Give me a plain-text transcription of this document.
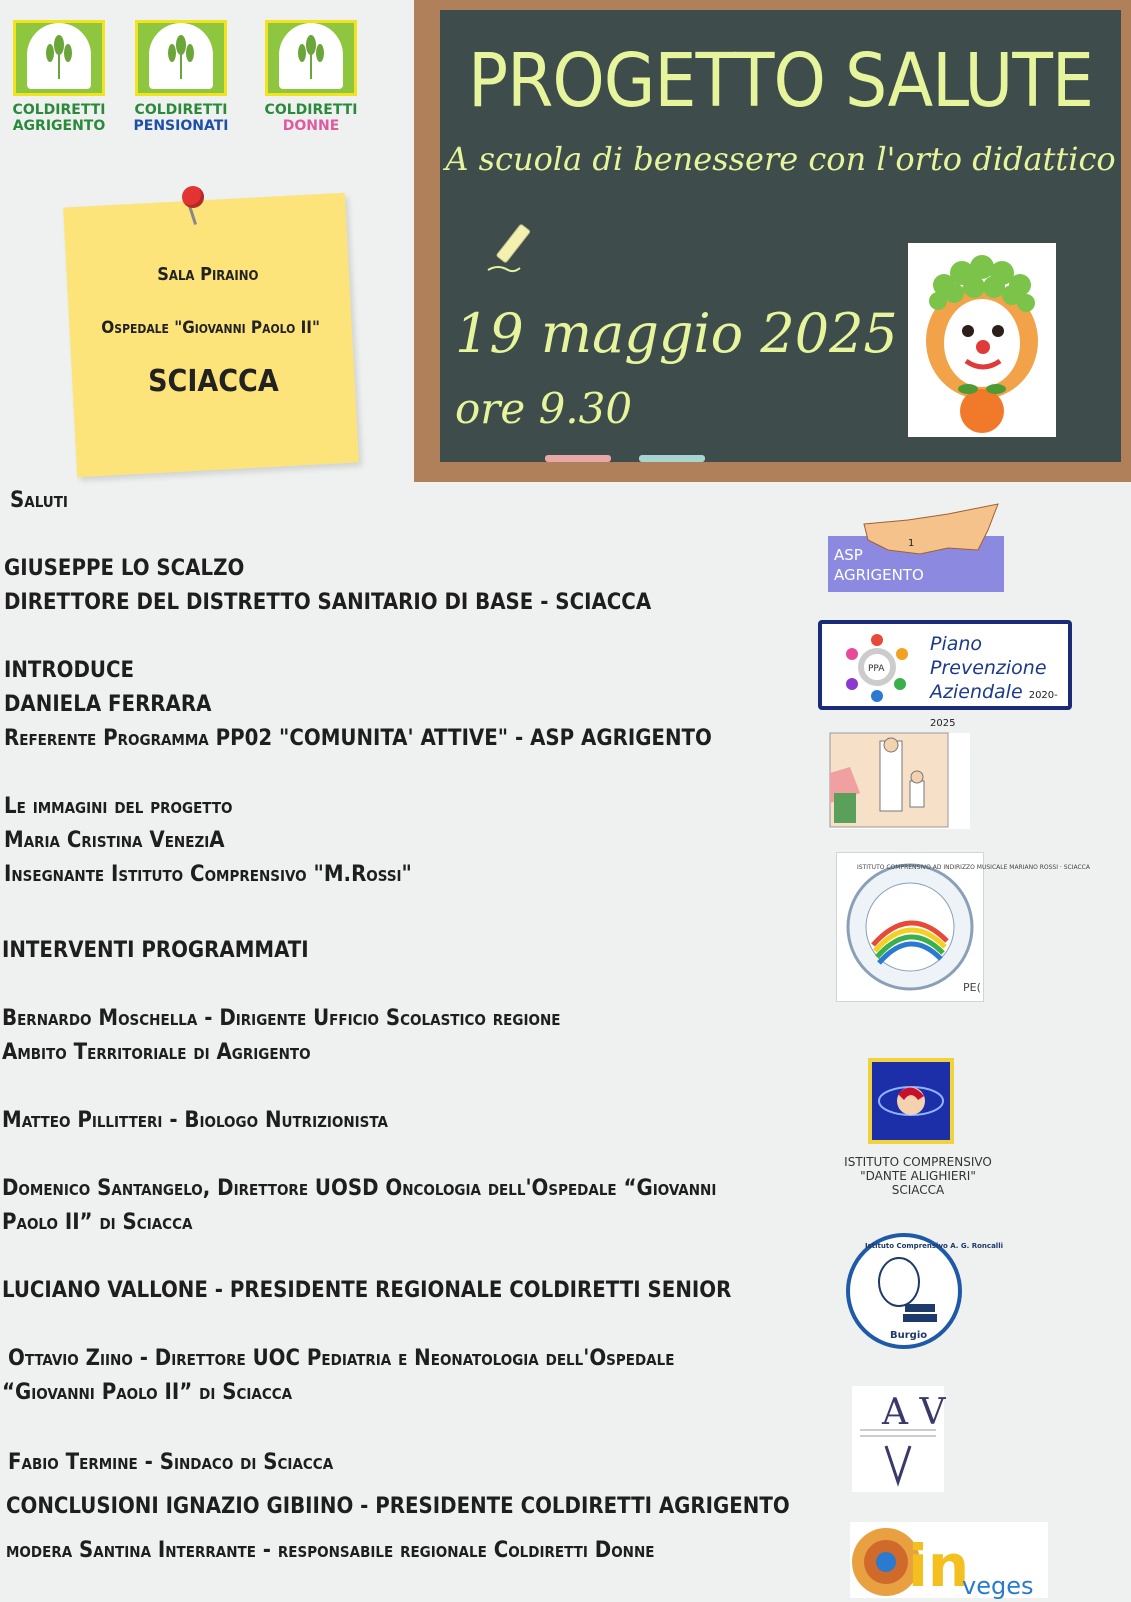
COLDIRETTI
AGRIGENTO
COLDIRETTI
PENSIONATI
COLDIRETTI
DONNE
Sala Piraino
Ospedale "Giovanni Paolo II"
SCIACCA
PROGETTO SALUTE
A scuola di benessere con l'orto didattico
19 maggio 2025
ore 9.30
Saluti
GIUSEPPE LO SCALZO
DIRETTORE DEL DISTRETTO SANITARIO DI BASE - SCIACCA
INTRODUCE
DANIELA FERRARA
Referente Programma PP02 "COMUNITA' ATTIVE" - ASP AGRIGENTO
Le immagini del progetto
Maria Cristina VeneziA
Insegnante Istituto Comprensivo "M.Rossi"
INTERVENTI PROGRAMMATI
Bernardo Moschella - Dirigente Ufficio Scolastico regione
Ambito Territoriale di Agrigento
Matteo Pillitteri - Biologo Nutrizionista
Domenico Santangelo, Direttore UOSD Oncologia dell'Ospedale “Giovanni
Paolo II” di Sciacca
LUCIANO VALLONE - PRESIDENTE REGIONALE COLDIRETTI SENIOR
Ottavio Ziino - Direttore UOC Pediatria e Neonatologia dell'Ospedale
“Giovanni Paolo II” di Sciacca
Fabio Termine - Sindaco di Sciacca
CONCLUSIONI IGNAZIO GIBIINO - PRESIDENTE COLDIRETTI AGRIGENTO
modera Santina Interrante - responsabile regionale Coldiretti Donne
1
ASP
AGRIGENTO
PPA
Piano
Prevenzione
Aziendale 2020-2025
ISTITUTO COMPRENSIVO AD INDIRIZZO MUSICALE MARIANO ROSSI · SCIACCA
PE(
ISTITUTO COMPRENSIVO
"DANTE ALIGHIERI"
SCIACCA
Istituto Comprensivo A. G. Roncalli
Burgio
A V
in
veges
